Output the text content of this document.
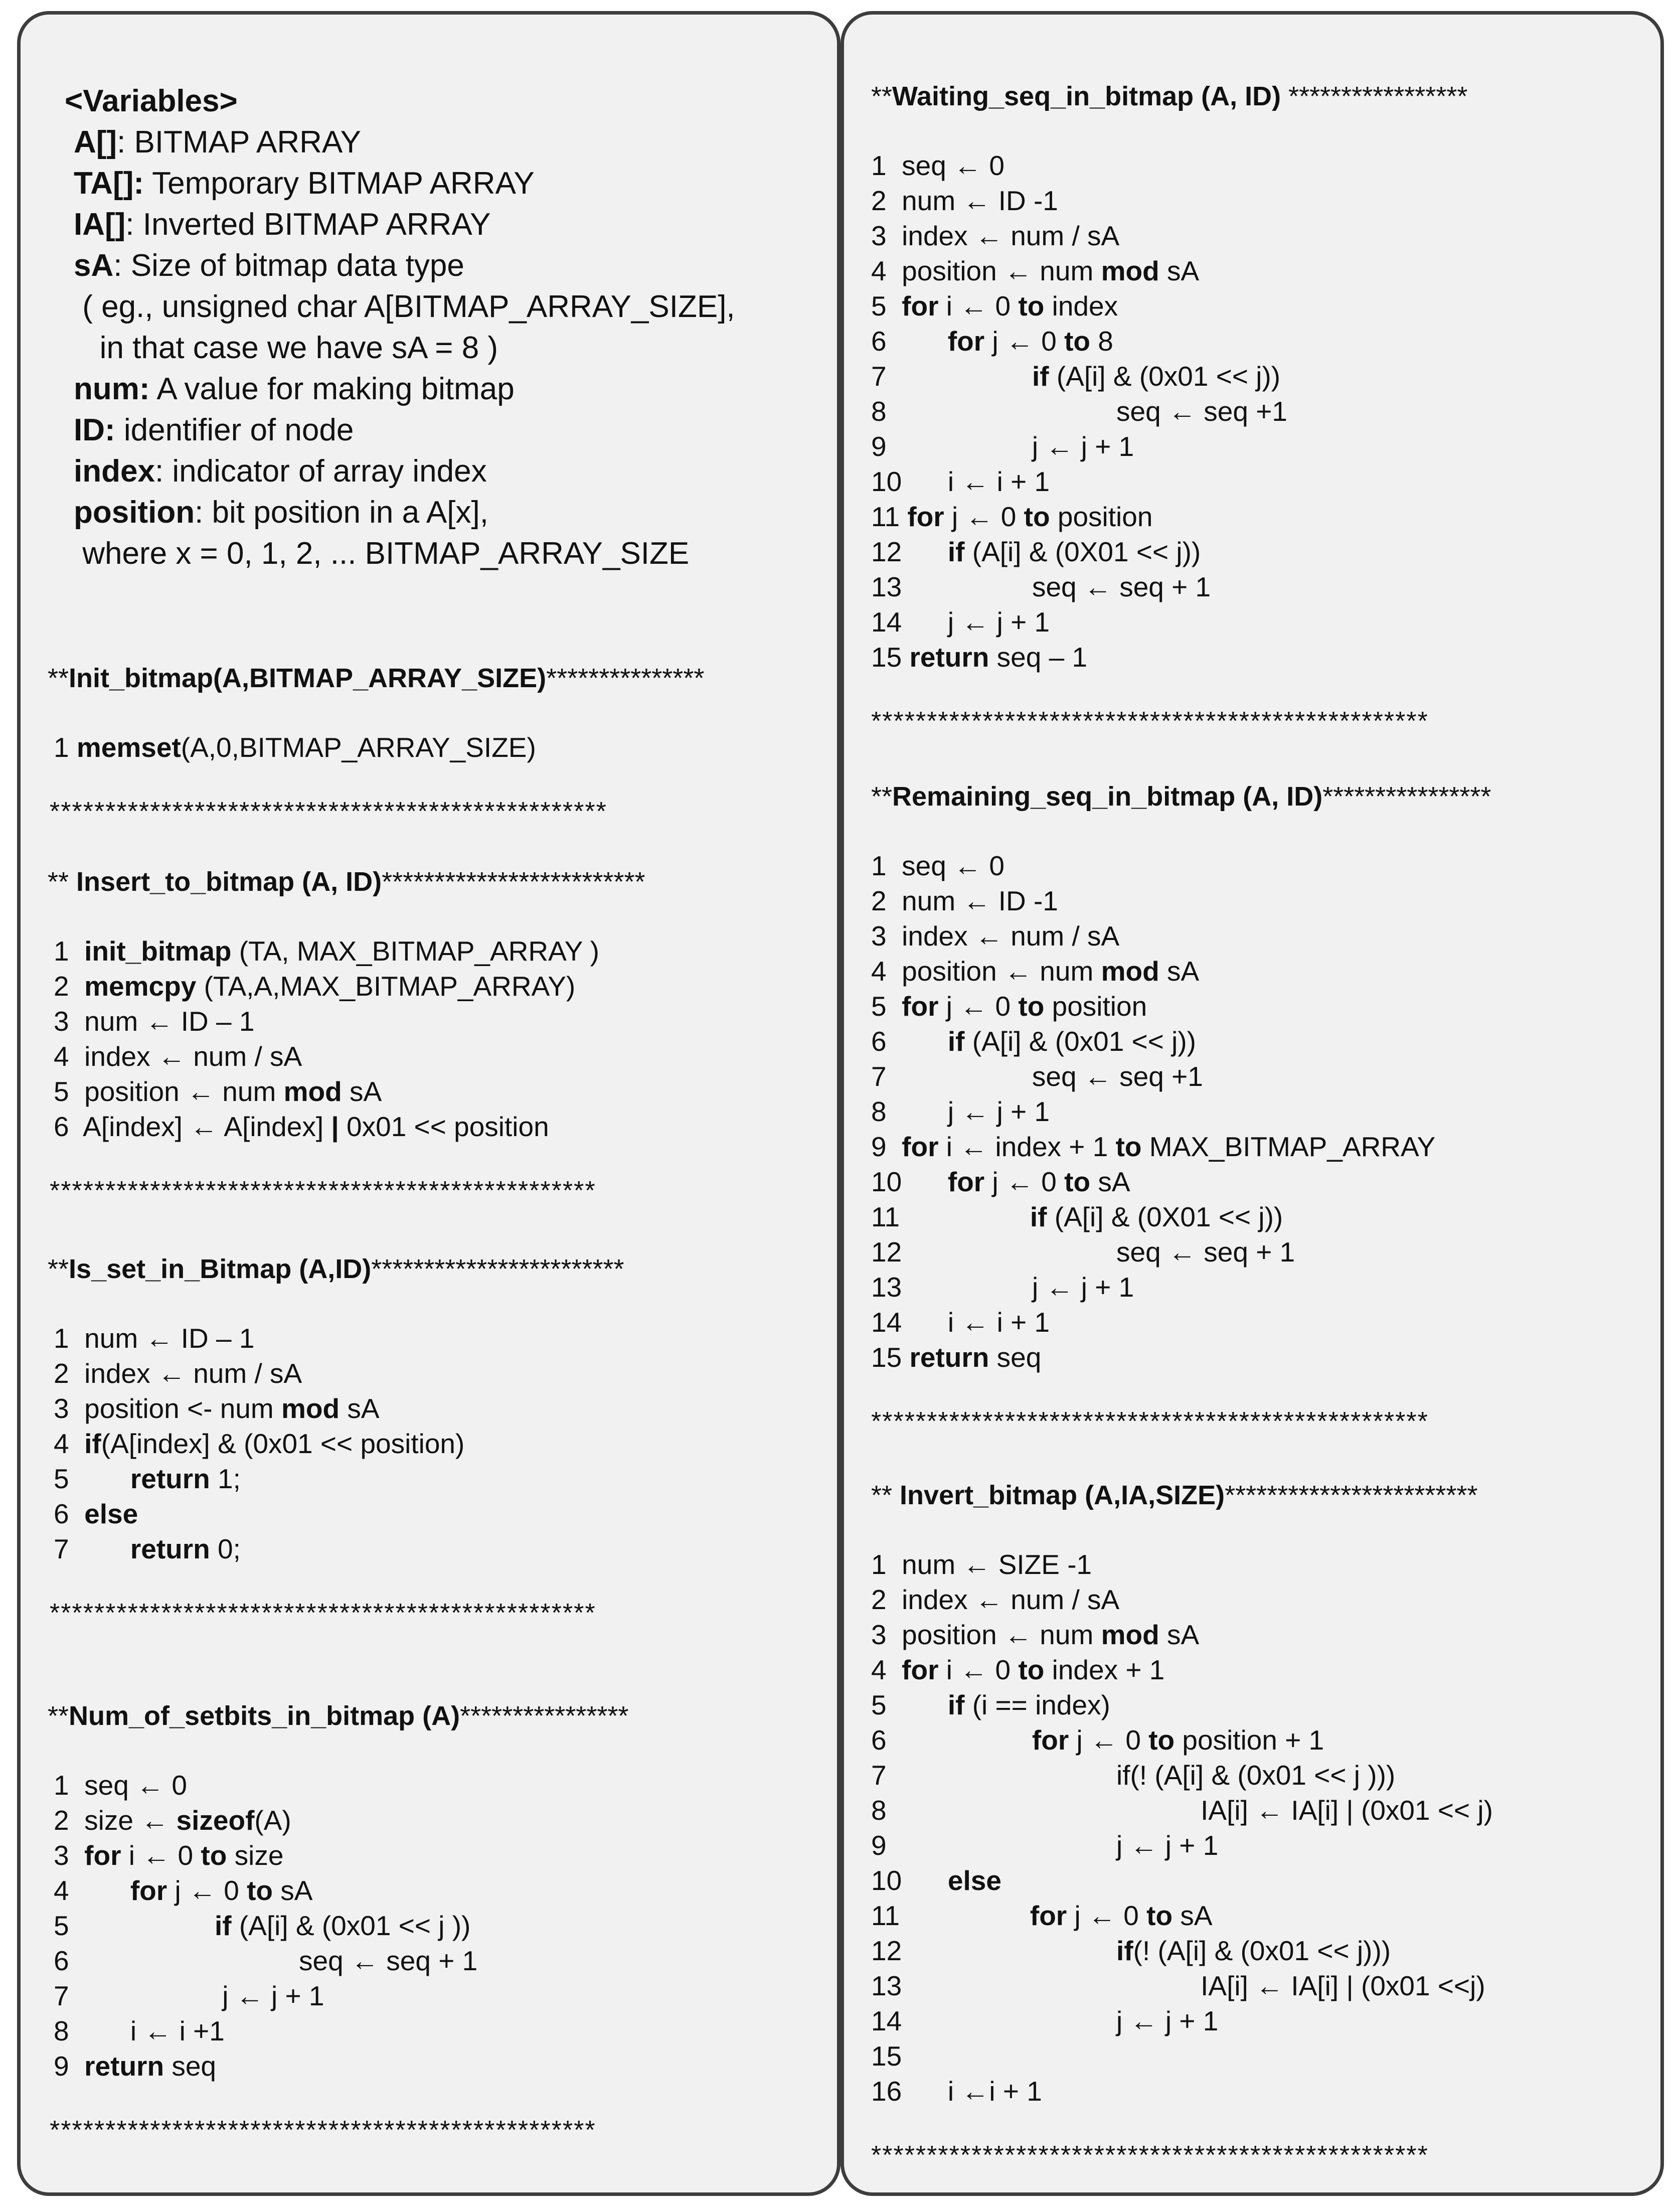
<Variables>
A[]: BITMAP ARRAY
TA[]: Temporary BITMAP ARRAY
IA[]: Inverted BITMAP ARRAY
sA: Size of bitmap data type
( eg., unsigned char A[BITMAP_ARRAY_SIZE],
in that case we have sA = 8 )
num: A value for making bitmap
ID: identifier of node
index: indicator of array index
position: bit position in a A[x],
where x = 0, 1, 2, ... BITMAP_ARRAY_SIZE
**Init_bitmap(A,BITMAP_ARRAY_SIZE)***************
1 memset(A,0,BITMAP_ARRAY_SIZE)
**************************************************
** Insert_to_bitmap (A, ID)*************************
1  init_bitmap (TA, MAX_BITMAP_ARRAY )
2  memcpy (TA,A,MAX_BITMAP_ARRAY)
3  num ← ID – 1
4  index ← num / sA
5  position ← num mod sA
6  A[index] ← A[index] | 0x01 << position
*************************************************
**Is_set_in_Bitmap (A,ID)************************
1  num ← ID – 1
2  index ← num / sA
3  position <- num mod sA
4  if(A[index] & (0x01 << position)
5        return 1;
6  else
7        return 0;
*************************************************
**Num_of_setbits_in_bitmap (A)****************
1  seq ← 0
2  size ← sizeof(A)
3  for i ← 0 to size
4        for j ← 0 to sA
5                   if (A[i] & (0x01 << j ))
6                              seq ← seq + 1
7                    j ← j + 1
8        i ← i +1
9  return seq
*************************************************
**Waiting_seq_in_bitmap (A, ID) *****************
1  seq ← 0
2  num ← ID -1
3  index ← num / sA
4  position ← num mod sA
5  for i ← 0 to index
6        for j ← 0 to 8
7                   if (A[i] & (0x01 << j))
8                              seq ← seq +1
9                   j ← j + 1
10      i ← i + 1
11 for j ← 0 to position
12      if (A[i] & (0X01 << j))
13                 seq ← seq + 1
14      j ← j + 1
15 return seq – 1
**************************************************
**Remaining_seq_in_bitmap (A, ID)****************
1  seq ← 0
2  num ← ID -1
3  index ← num / sA
4  position ← num mod sA
5  for j ← 0 to position
6        if (A[i] & (0x01 << j))
7                   seq ← seq +1
8        j ← j + 1
9  for i ← index + 1 to MAX_BITMAP_ARRAY
10      for j ← 0 to sA
11                 if (A[i] & (0X01 << j))
12                            seq ← seq + 1
13                 j ← j + 1
14      i ← i + 1
15 return seq
**************************************************
** Invert_bitmap (A,IA,SIZE)************************
1  num ← SIZE -1
2  index ← num / sA
3  position ← num mod sA
4  for i ← 0 to index + 1
5        if (i == index)
6                   for j ← 0 to position + 1
7                              if(! (A[i] & (0x01 << j )))
8                                         IA[i] ← IA[i] | (0x01 << j)
9                              j ← j + 1
10      else
11                 for j ← 0 to sA
12                            if(! (A[i] & (0x01 << j)))
13                                       IA[i] ← IA[i] | (0x01 <<j)
14                            j ← j + 1
15
16      i ←i + 1
**************************************************
